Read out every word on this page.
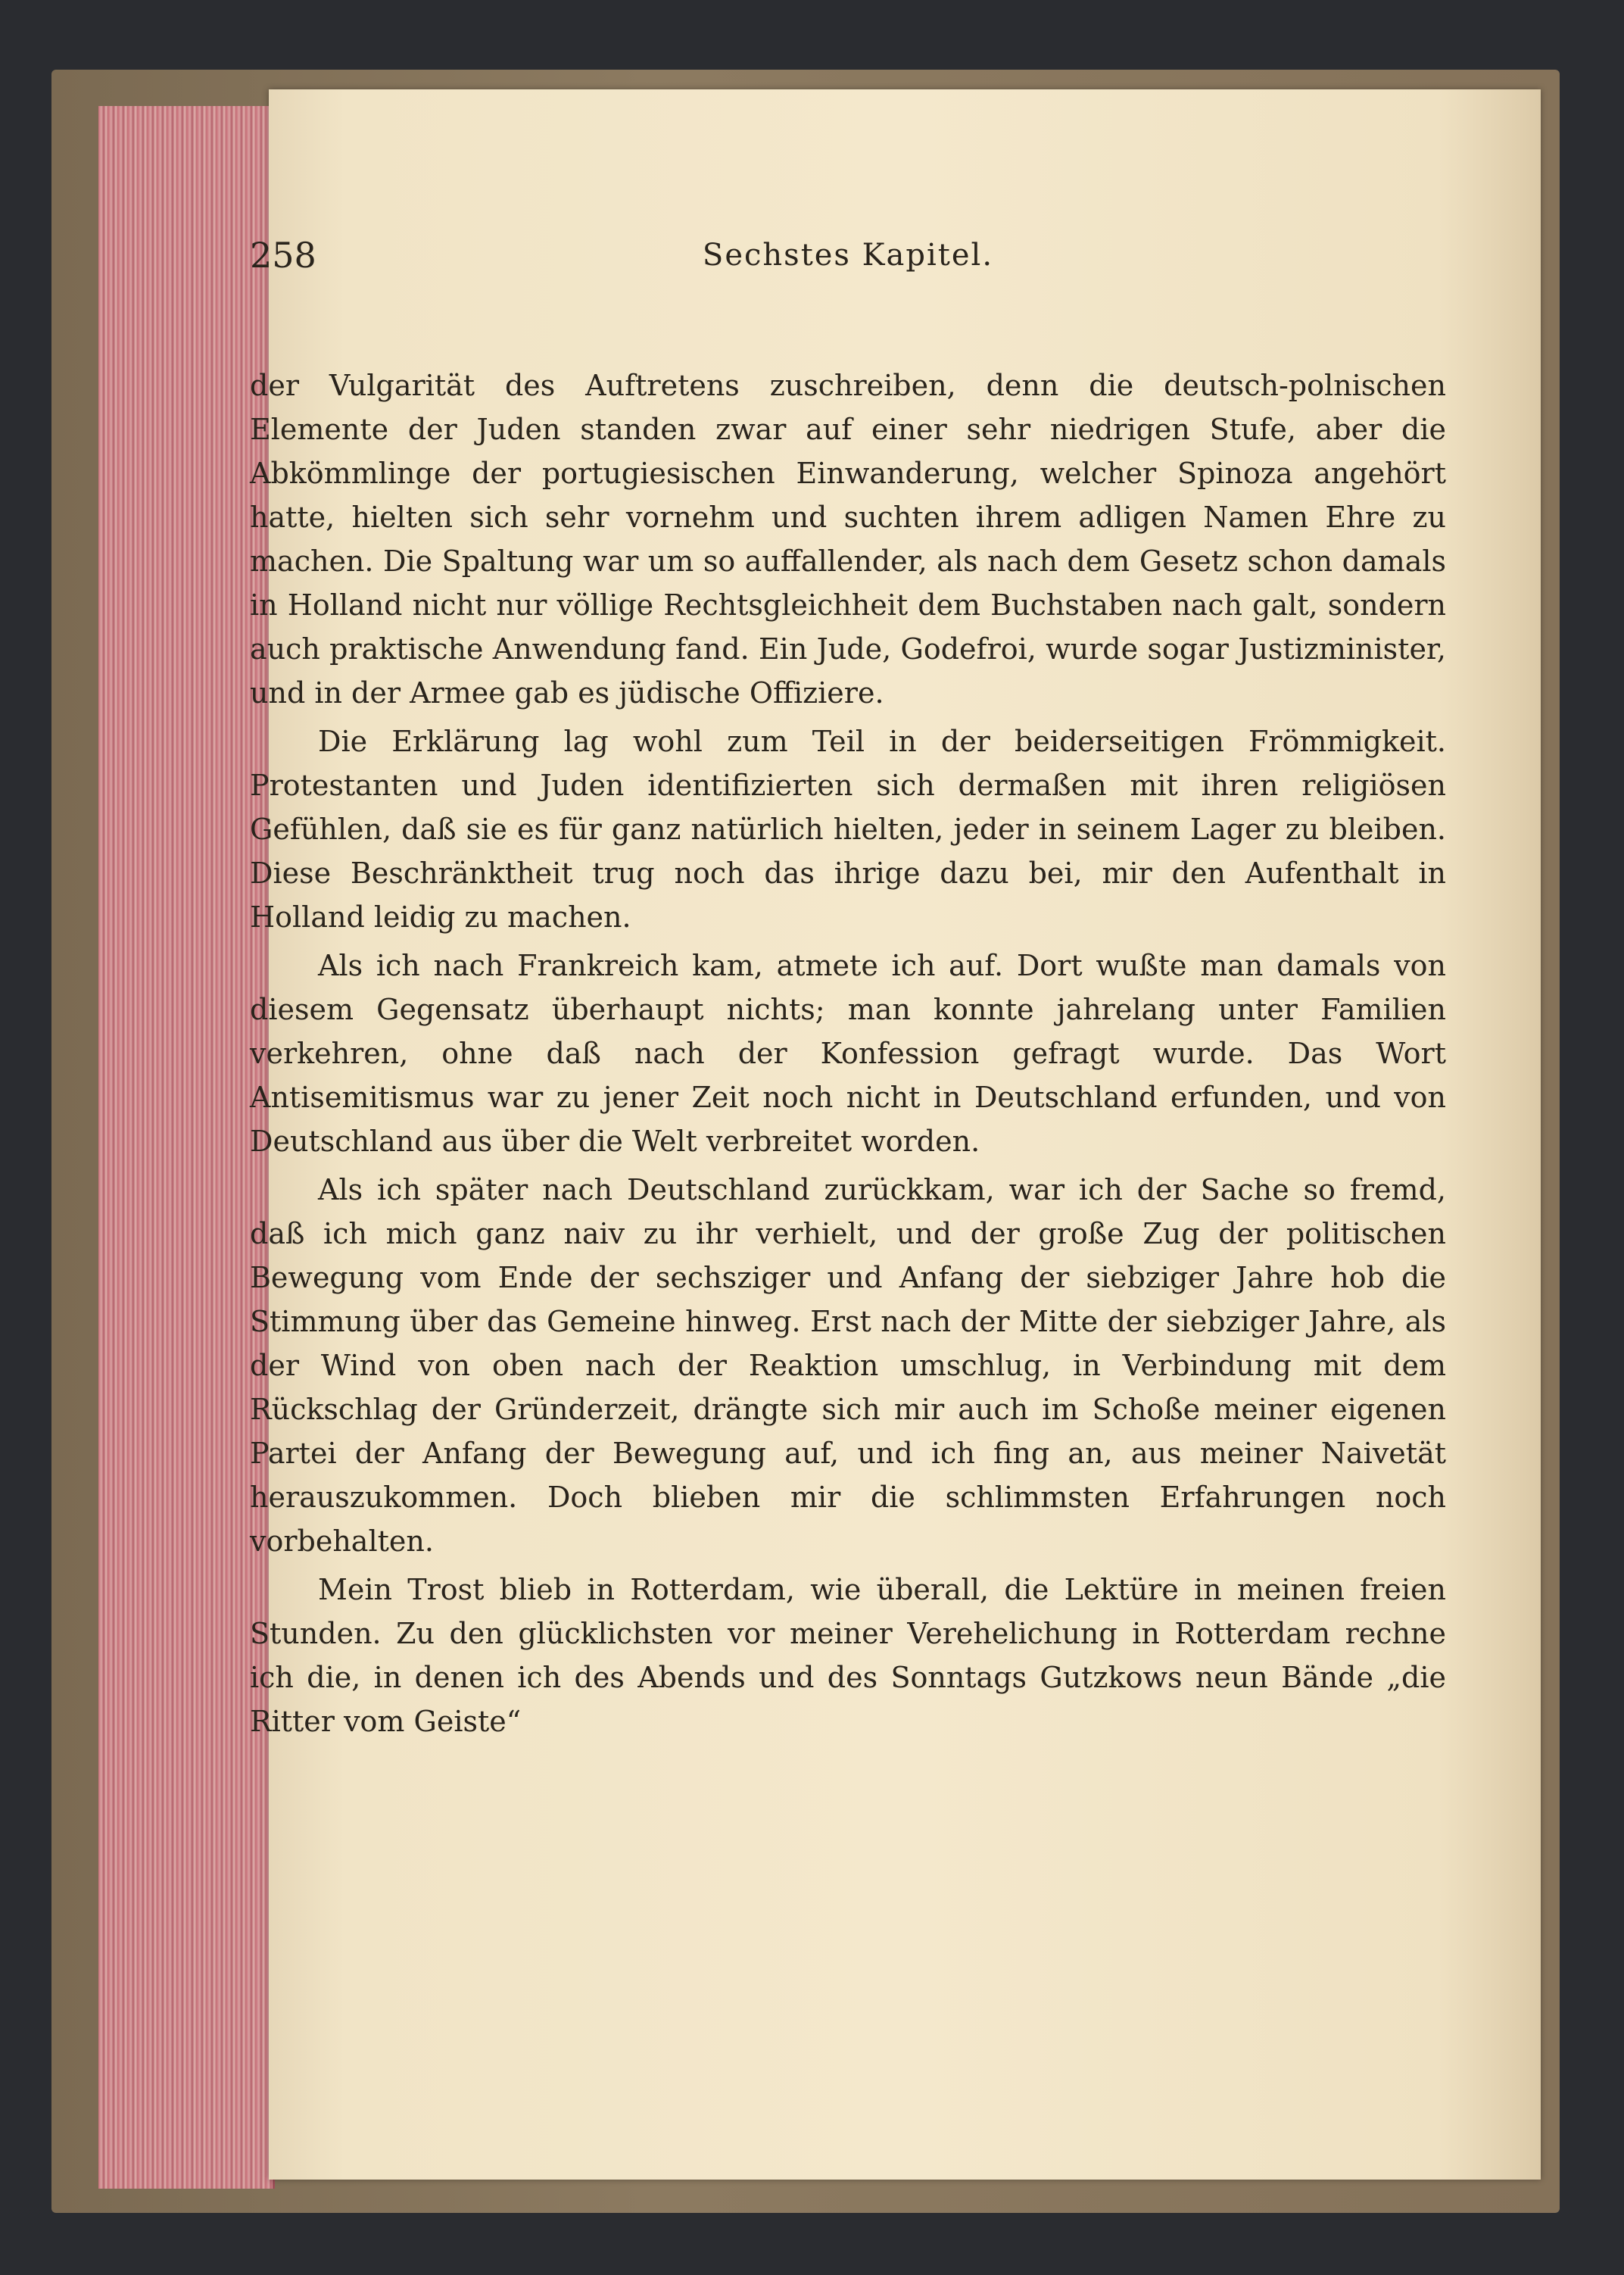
258	Sechstes Kapitel.

der Vulgarität des Auftretens zuschreiben, denn die deutsch-polnischen Elemente der Juden standen zwar auf einer sehr niedrigen Stufe, aber die Abkömmlinge der portugiesischen Einwanderung, welcher Spinoza angehört hatte, hielten sich sehr vornehm und suchten ihrem adligen Namen Ehre zu machen. Die Spaltung war um so auffallender, als nach dem Gesetz schon damals in Holland nicht nur völlige Rechtsgleichheit dem Buchstaben nach galt, sondern auch praktische Anwendung fand. Ein Jude, Godefroi, wurde sogar Justizminister, und in der Armee gab es jüdische Offiziere.

Die Erklärung lag wohl zum Teil in der beiderseitigen Frömmigkeit. Protestanten und Juden identifizierten sich dermaßen mit ihren religiösen Gefühlen, daß sie es für ganz natürlich hielten, jeder in seinem Lager zu bleiben. Diese Beschränktheit trug noch das ihrige dazu bei, mir den Aufenthalt in Holland leidig zu machen.

Als ich nach Frankreich kam, atmete ich auf. Dort wußte man damals von diesem Gegensatz überhaupt nichts; man konnte jahrelang unter Familien verkehren, ohne daß nach der Konfession gefragt wurde. Das Wort Antisemitismus war zu jener Zeit noch nicht in Deutschland erfunden, und von Deutschland aus über die Welt verbreitet worden.

Als ich später nach Deutschland zurückkam, war ich der Sache so fremd, daß ich mich ganz naiv zu ihr verhielt, und der große Zug der politischen Bewegung vom Ende der sechsziger und Anfang der siebziger Jahre hob die Stimmung über das Gemeine hinweg. Erst nach der Mitte der siebziger Jahre, als der Wind von oben nach der Reaktion umschlug, in Verbindung mit dem Rückschlag der Gründerzeit, drängte sich mir auch im Schoße meiner eigenen Partei der Anfang der Bewegung auf, und ich fing an, aus meiner Naivetät herauszukommen. Doch blieben mir die schlimmsten Erfahrungen noch vorbehalten.

Mein Trost blieb in Rotterdam, wie überall, die Lektüre in meinen freien Stunden. Zu den glücklichsten vor meiner Verehelichung in Rotterdam rechne ich die, in denen ich des Abends und des Sonntags Gutzkows neun Bände „die Ritter vom Geiste“
